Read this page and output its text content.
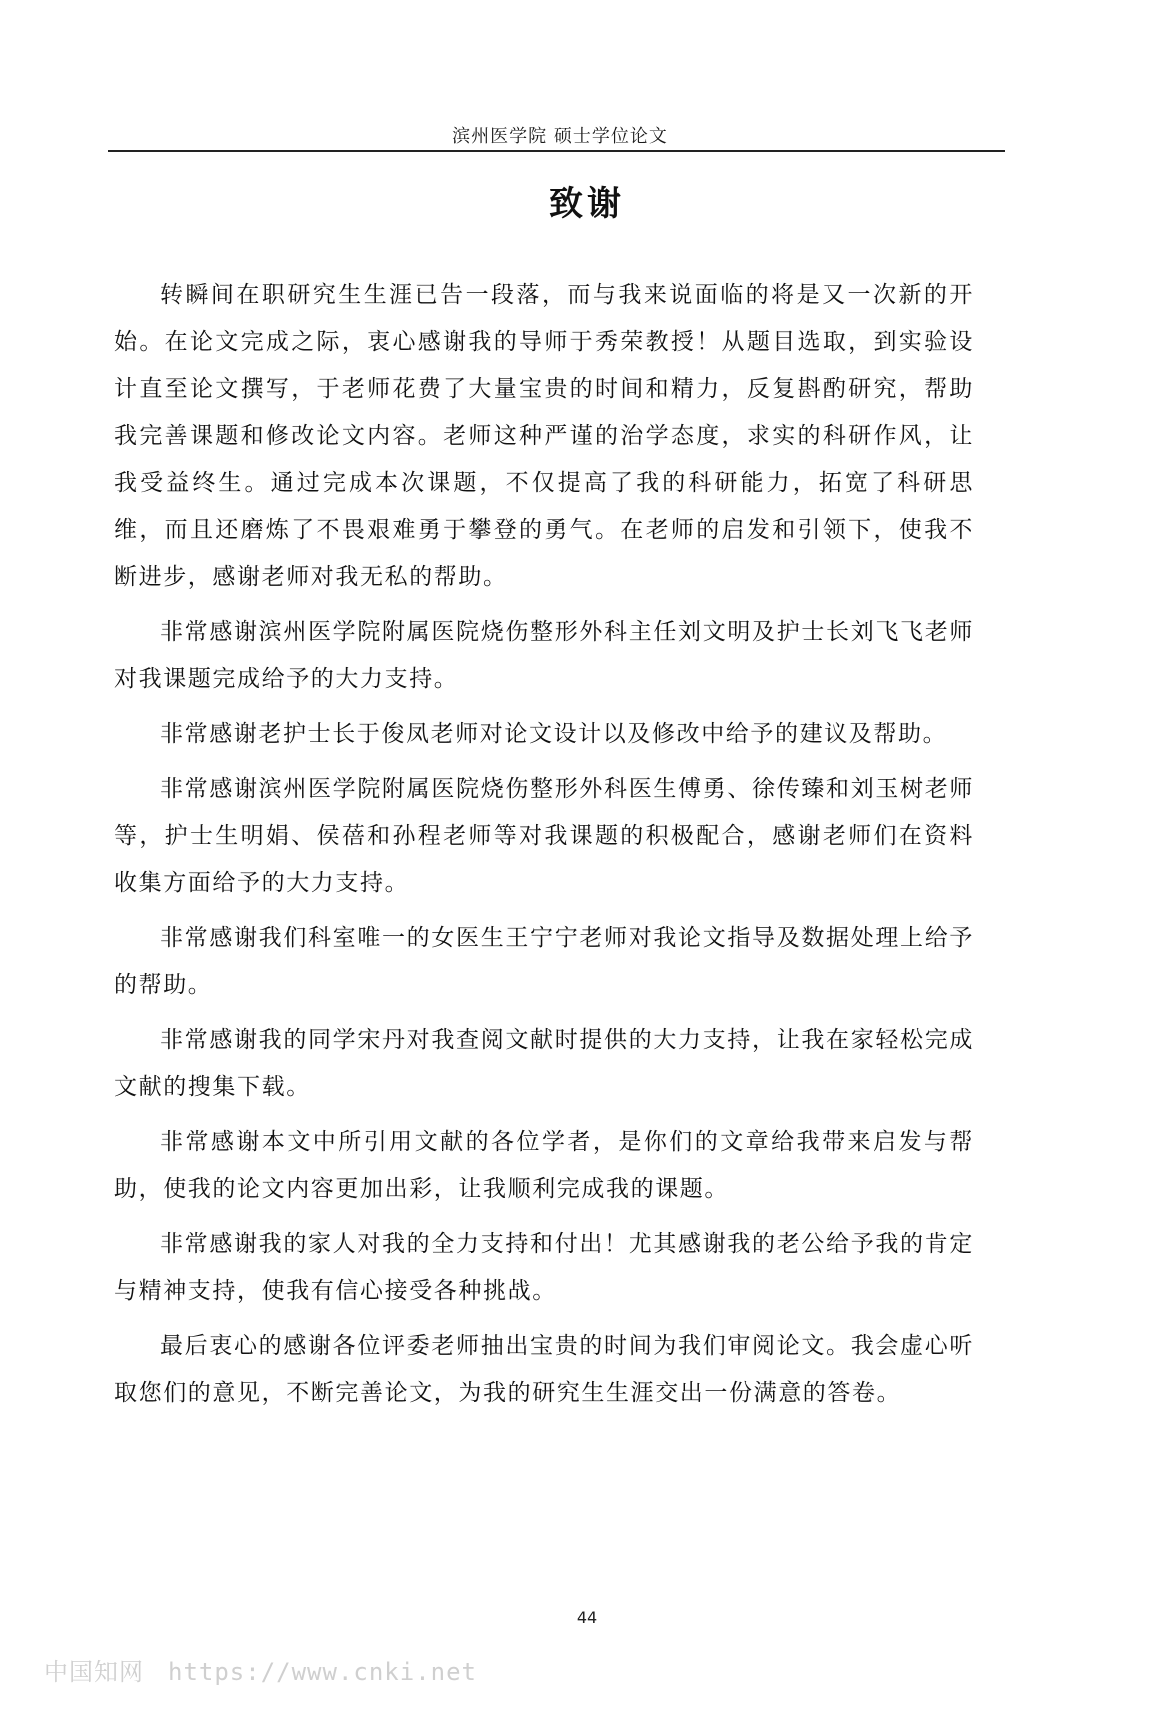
滨州医学院 硕士学位论文
致谢

转瞬间在职研究生生涯已告一段落，而与我来说面临的将是又一次新的开始。在论文完成之际，衷心感谢我的导师于秀荣教授！从题目选取，到实验设计直至论文撰写，于老师花费了大量宝贵的时间和精力，反复斟酌研究，帮助我完善课题和修改论文内容。老师这种严谨的治学态度，求实的科研作风，让我受益终生。通过完成本次课题，不仅提高了我的科研能力，拓宽了科研思维，而且还磨炼了不畏艰难勇于攀登的勇气。在老师的启发和引领下，使我不断进步，感谢老师对我无私的帮助。

非常感谢滨州医学院附属医院烧伤整形外科主任刘文明及护士长刘飞飞老师对我课题完成给予的大力支持。

非常感谢老护士长于俊凤老师对论文设计以及修改中给予的建议及帮助。

非常感谢滨州医学院附属医院烧伤整形外科医生傅勇、徐传臻和刘玉树老师等，护士生明娟、侯蓓和孙程老师等对我课题的积极配合，感谢老师们在资料收集方面给予的大力支持。

非常感谢我们科室唯一的女医生王宁宁老师对我论文指导及数据处理上给予的帮助。

非常感谢我的同学宋丹对我查阅文献时提供的大力支持，让我在家轻松完成文献的搜集下载。

非常感谢本文中所引用文献的各位学者，是你们的文章给我带来启发与帮助，使我的论文内容更加出彩，让我顺利完成我的课题。

非常感谢我的家人对我的全力支持和付出！尤其感谢我的老公给予我的肯定与精神支持，使我有信心接受各种挑战。

最后衷心的感谢各位评委老师抽出宝贵的时间为我们审阅论文。我会虚心听取您们的意见，不断完善论文，为我的研究生生涯交出一份满意的答卷。

44
中国知网 https://www.cnki.net
